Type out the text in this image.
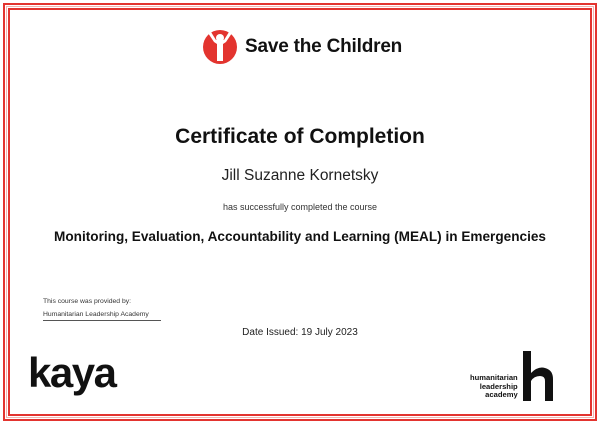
Save the Children
Certificate of Completion
Jill Suzanne Kornetsky
has successfully completed the course
Monitoring, Evaluation, Accountability and Learning (MEAL) in Emergencies
This course was provided by:
Humanitarian Leadership Academy
Date Issued: 19 July 2023
kaya	humanitarian
leadership
academy
